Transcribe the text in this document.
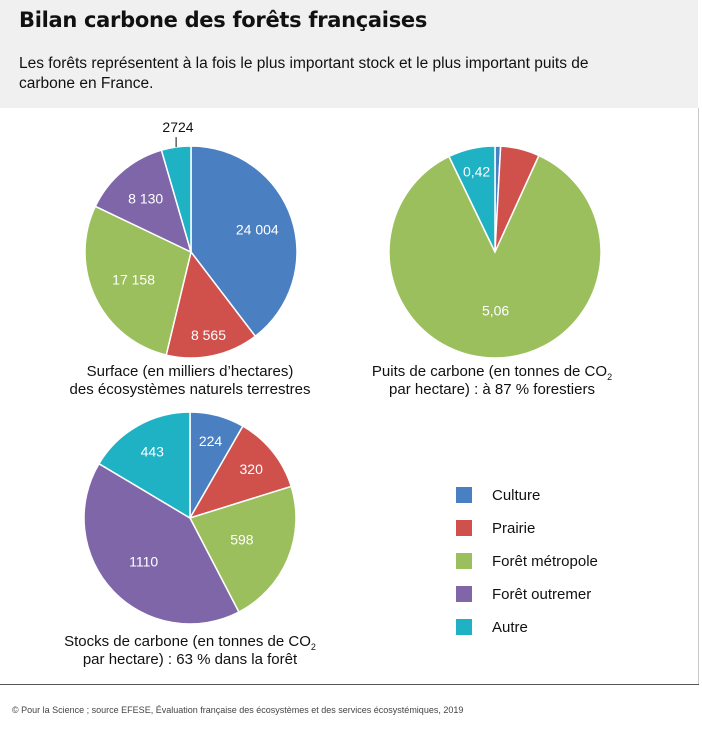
Bilan carbone des forêts françaises

Les forêts représentent à la fois le plus important stock et le plus important puits de carbone en France.

24 004
8 565
17 158
8 130
2724
5,06
0,42
224
320
598
1110
443
Surface (en milliers d’hectares)
des écosystèmes naturels terrestres
Puits de carbone (en tonnes de $CO_2$
par hectare) : à 87 % forestiers
Stocks de carbone (en tonnes de $CO_2$
par hectare) : 63 % dans la forêt
Culture
Prairie
Forêt métropole
Forêt outremer
Autre

© Pour la Science ; source EFESE, Évaluation française des écosystèmes et des services écosystémiques, 2019
